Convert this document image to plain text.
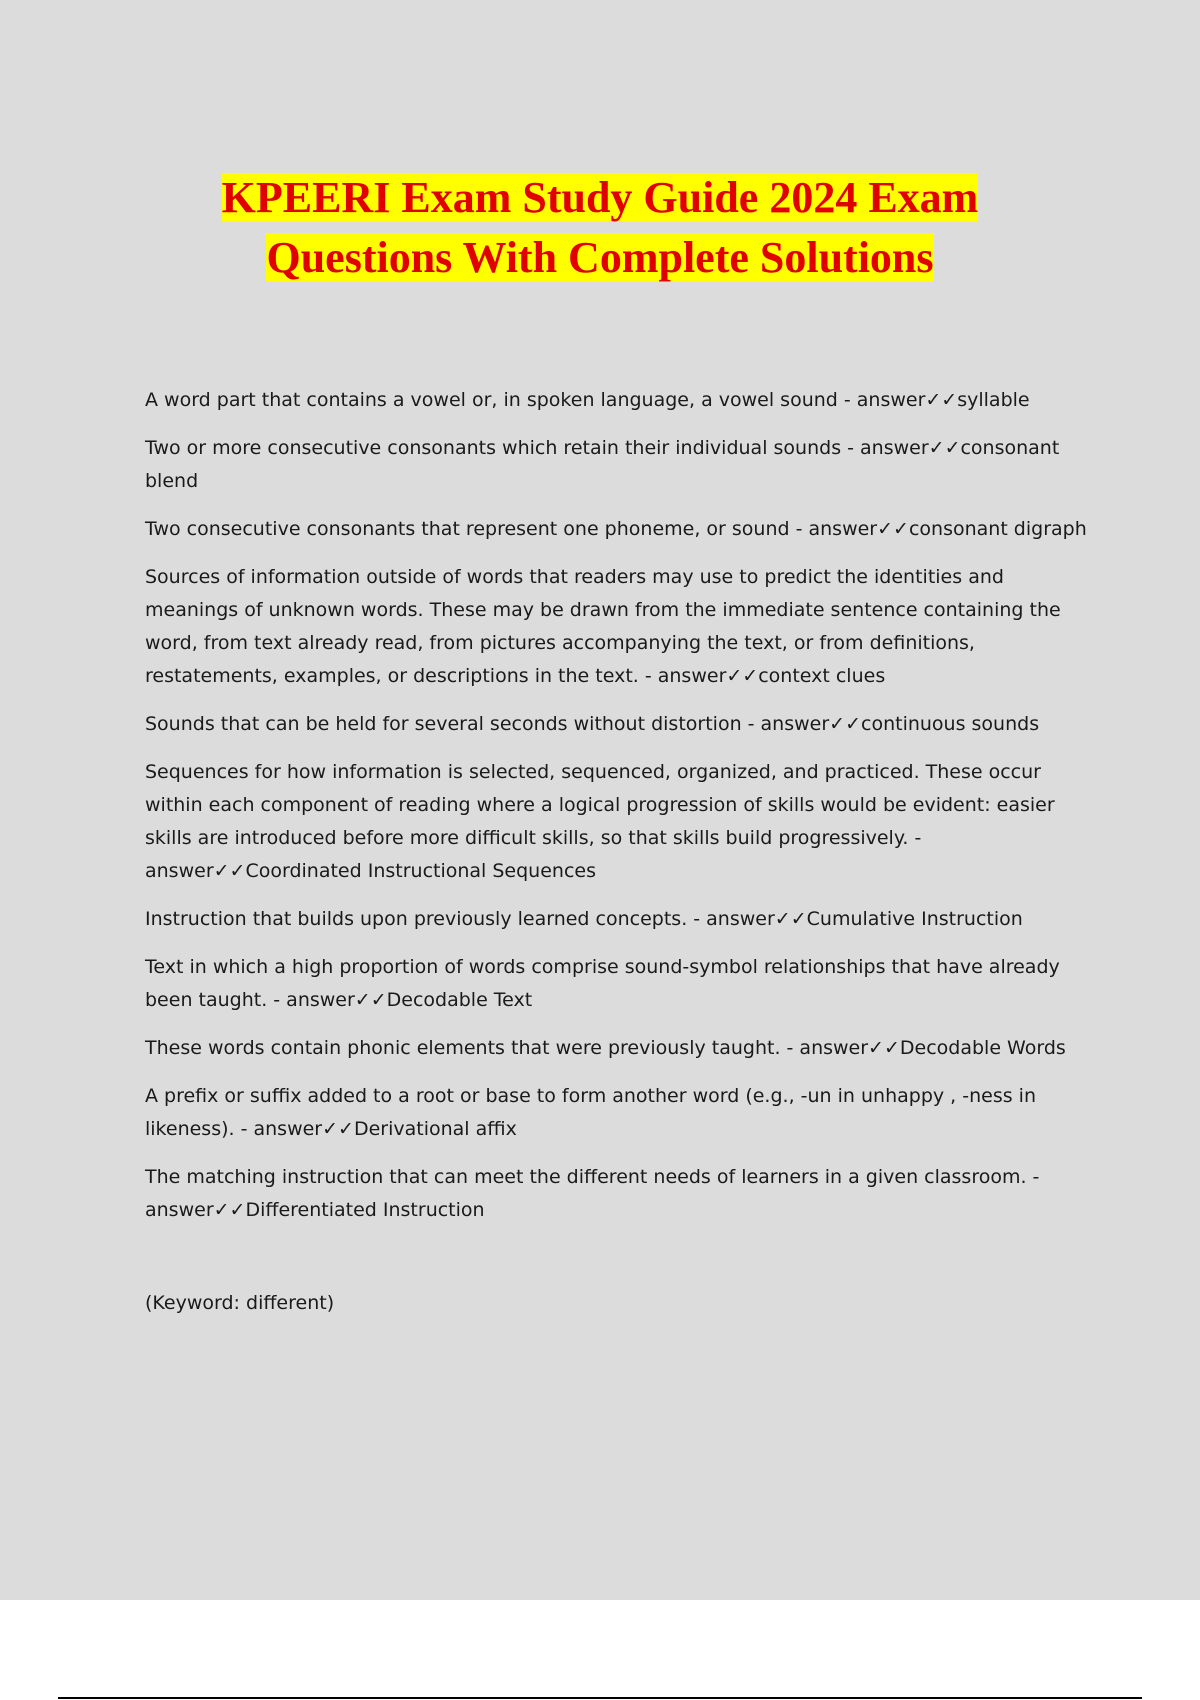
KPEERI Exam Study Guide 2024 Exam
Questions With Complete Solutions

A word part that contains a vowel or, in spoken language, a vowel sound - answer✓✓syllable

Two or more consecutive consonants which retain their individual sounds - answer✓✓consonant blend

Two consecutive consonants that represent one phoneme, or sound - answer✓✓consonant digraph

Sources of information outside of words that readers may use to predict the identities and meanings of unknown words. These may be drawn from the immediate sentence containing the word, from text already read, from pictures accompanying the text, or from definitions, restatements, examples, or descriptions in the text. - answer✓✓context clues

Sounds that can be held for several seconds without distortion - answer✓✓continuous sounds

Sequences for how information is selected, sequenced, organized, and practiced. These occur within each component of reading where a logical progression of skills would be evident: easier skills are introduced before more difficult skills, so that skills build progressively. - answer✓✓Coordinated Instructional Sequences

Instruction that builds upon previously learned concepts. - answer✓✓Cumulative Instruction

Text in which a high proportion of words comprise sound-symbol relationships that have already been taught. - answer✓✓Decodable Text

These words contain phonic elements that were previously taught. - answer✓✓Decodable Words

A prefix or suffix added to a root or base to form another word (e.g., -un in unhappy , -ness in likeness). - answer✓✓Derivational affix

The matching instruction that can meet the different needs of learners in a given classroom. - answer✓✓Differentiated Instruction

(Keyword: different)
